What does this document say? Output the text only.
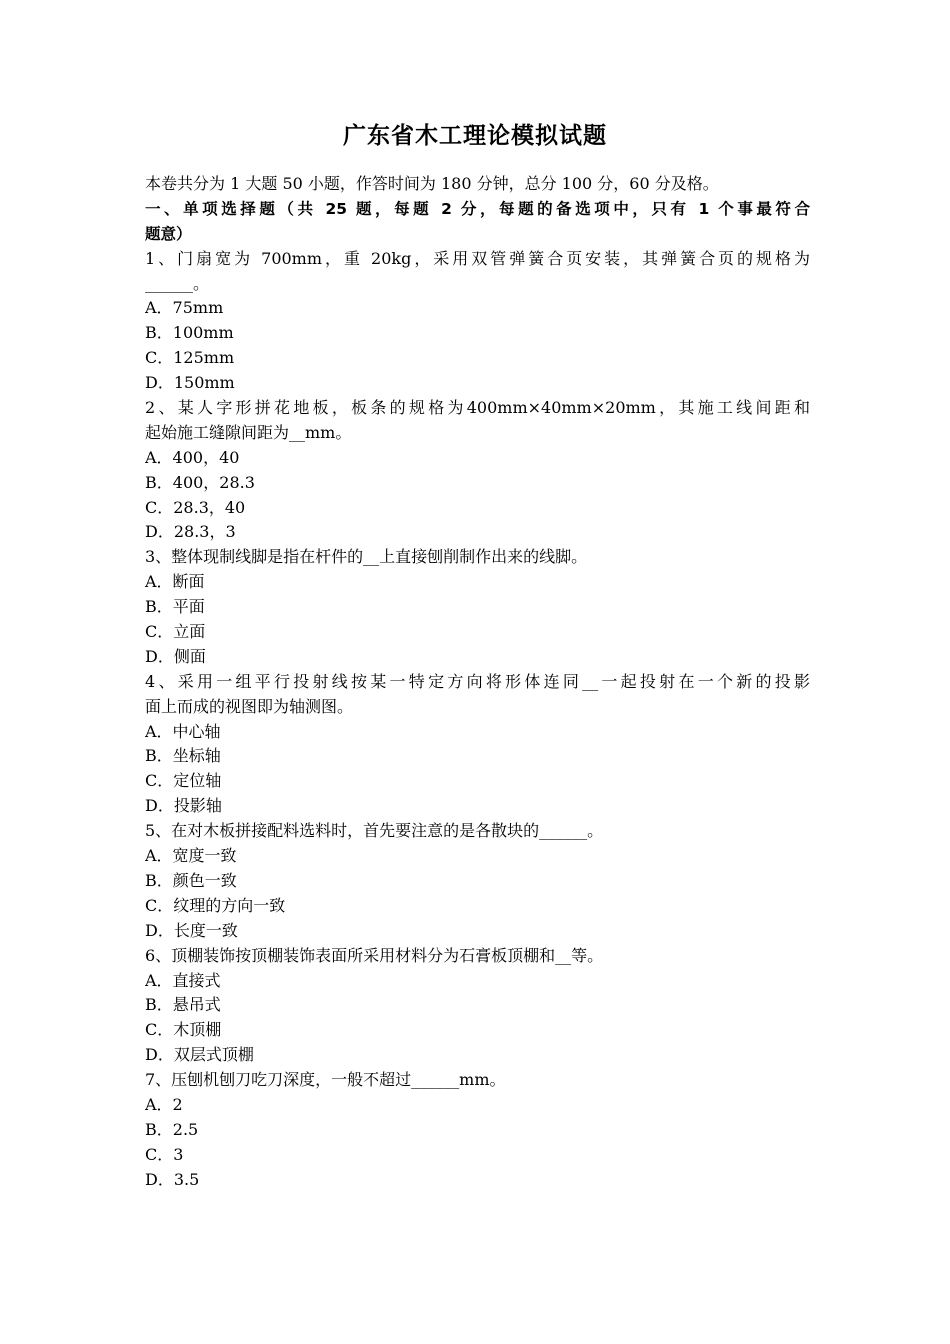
广东省木工理论模拟试题
本卷共分为 1 大题 50 小题，作答时间为 180 分钟，总分 100 分，60 分及格。
一、单项选择题（共 25 题，每题 2 分，每题的备选项中，只有 1 个事最符合
题意）
1、门扇宽为 700mm，重 20kg，采用双管弹簧合页安装，其弹簧合页的规格为
______。
A．75mm
B．100mm
C．125mm
D．150mm
2、某人字形拼花地板，板条的规格为400mm×40mm×20mm，其施工线间距和
起始施工缝隙间距为__mm。
A．400，40
B．400，28.3
C．28.3，40
D．28.3，3
3、整体现制线脚是指在杆件的__上直接刨削制作出来的线脚。
A．断面
B．平面
C．立面
D．侧面
4、采用一组平行投射线按某一特定方向将形体连同__一起投射在一个新的投影
面上而成的视图即为轴测图。
A．中心轴
B．坐标轴
C．定位轴
D．投影轴
5、在对木板拼接配料选料时，首先要注意的是各散块的______。
A．宽度一致
B．颜色一致
C．纹理的方向一致
D．长度一致
6、顶棚装饰按顶棚装饰表面所采用材料分为石膏板顶棚和__等。
A．直接式
B．悬吊式
C．木顶棚
D．双层式顶棚
7、压刨机刨刀吃刀深度，一般不超过______mm。
A．2
B．2.5
C．3
D．3.5
